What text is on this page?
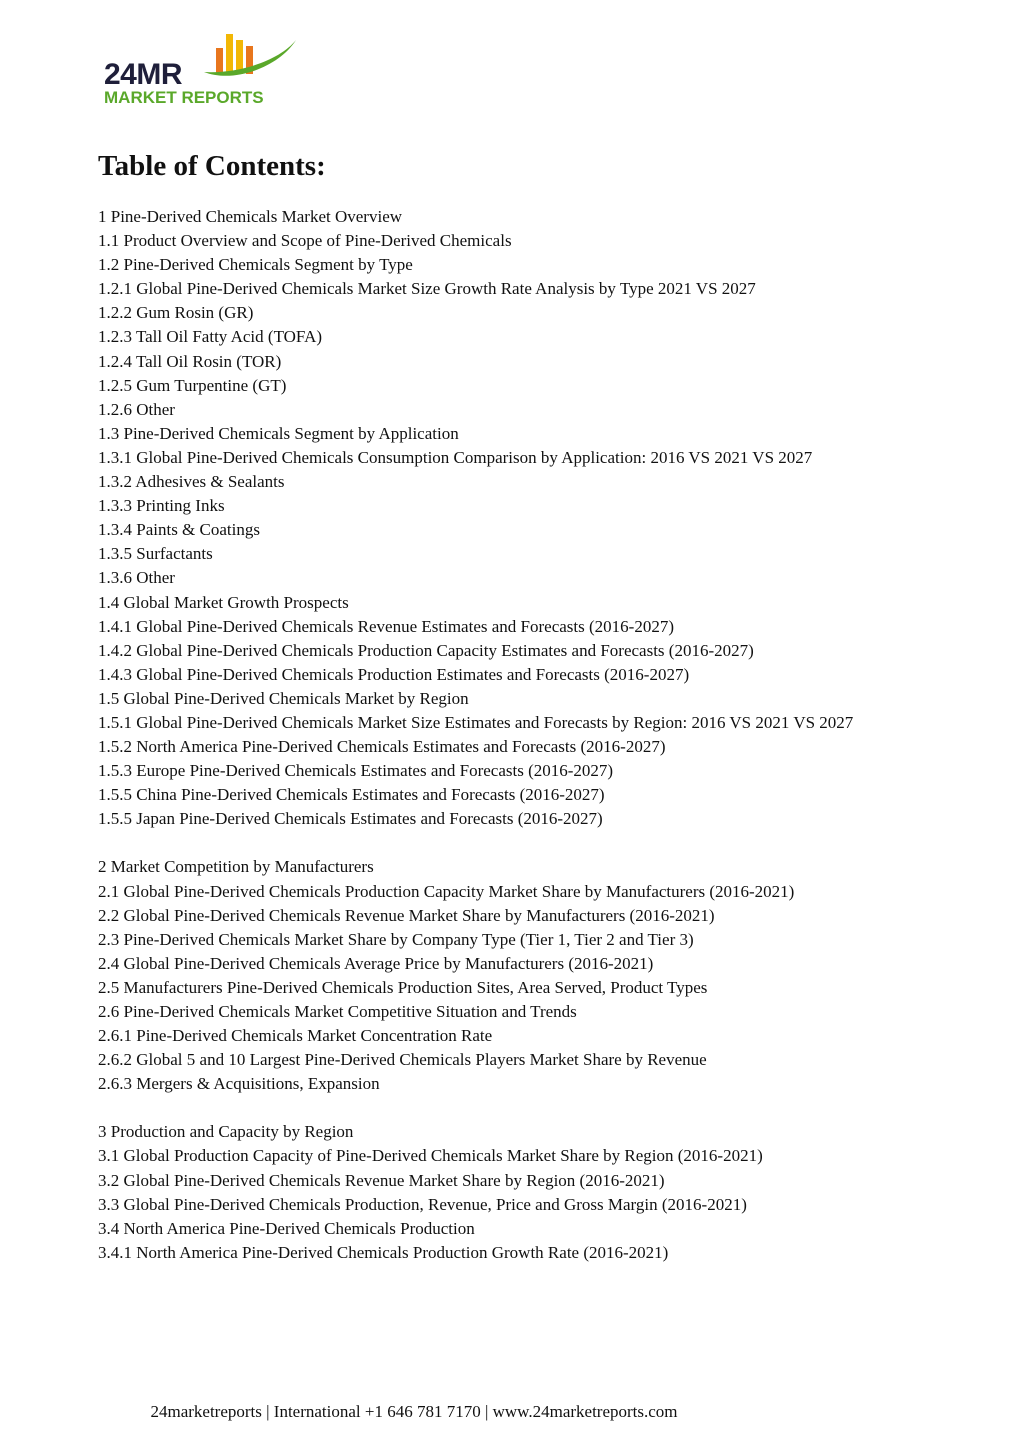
24MR
MARKET REPORTS
Table of Contents:
1 Pine-Derived Chemicals Market Overview
1.1 Product Overview and Scope of Pine-Derived Chemicals
1.2 Pine-Derived Chemicals Segment by Type
1.2.1 Global Pine-Derived Chemicals Market Size Growth Rate Analysis by Type 2021 VS 2027
1.2.2 Gum Rosin (GR)
1.2.3 Tall Oil Fatty Acid (TOFA)
1.2.4 Tall Oil Rosin (TOR)
1.2.5 Gum Turpentine (GT)
1.2.6 Other
1.3 Pine-Derived Chemicals Segment by Application
1.3.1 Global Pine-Derived Chemicals Consumption Comparison by Application: 2016 VS 2021 VS 2027
1.3.2 Adhesives & Sealants
1.3.3 Printing Inks
1.3.4 Paints & Coatings
1.3.5 Surfactants
1.3.6 Other
1.4 Global Market Growth Prospects
1.4.1 Global Pine-Derived Chemicals Revenue Estimates and Forecasts (2016-2027)
1.4.2 Global Pine-Derived Chemicals Production Capacity Estimates and Forecasts (2016-2027)
1.4.3 Global Pine-Derived Chemicals Production Estimates and Forecasts (2016-2027)
1.5 Global Pine-Derived Chemicals Market by Region
1.5.1 Global Pine-Derived Chemicals Market Size Estimates and Forecasts by Region: 2016 VS 2021 VS 2027
1.5.2 North America Pine-Derived Chemicals Estimates and Forecasts (2016-2027)
1.5.3 Europe Pine-Derived Chemicals Estimates and Forecasts (2016-2027)
1.5.5 China Pine-Derived Chemicals Estimates and Forecasts (2016-2027)
1.5.5 Japan Pine-Derived Chemicals Estimates and Forecasts (2016-2027)
2 Market Competition by Manufacturers
2.1 Global Pine-Derived Chemicals Production Capacity Market Share by Manufacturers (2016-2021)
2.2 Global Pine-Derived Chemicals Revenue Market Share by Manufacturers (2016-2021)
2.3 Pine-Derived Chemicals Market Share by Company Type (Tier 1, Tier 2 and Tier 3)
2.4 Global Pine-Derived Chemicals Average Price by Manufacturers (2016-2021)
2.5 Manufacturers Pine-Derived Chemicals Production Sites, Area Served, Product Types
2.6 Pine-Derived Chemicals Market Competitive Situation and Trends
2.6.1 Pine-Derived Chemicals Market Concentration Rate
2.6.2 Global 5 and 10 Largest Pine-Derived Chemicals Players Market Share by Revenue
2.6.3 Mergers & Acquisitions, Expansion
3 Production and Capacity by Region
3.1 Global Production Capacity of Pine-Derived Chemicals Market Share by Region (2016-2021)
3.2 Global Pine-Derived Chemicals Revenue Market Share by Region (2016-2021)
3.3 Global Pine-Derived Chemicals Production, Revenue, Price and Gross Margin (2016-2021)
3.4 North America Pine-Derived Chemicals Production
3.4.1 North America Pine-Derived Chemicals Production Growth Rate (2016-2021)
24marketreports | International +1 646 781 7170 | www.24marketreports.com
